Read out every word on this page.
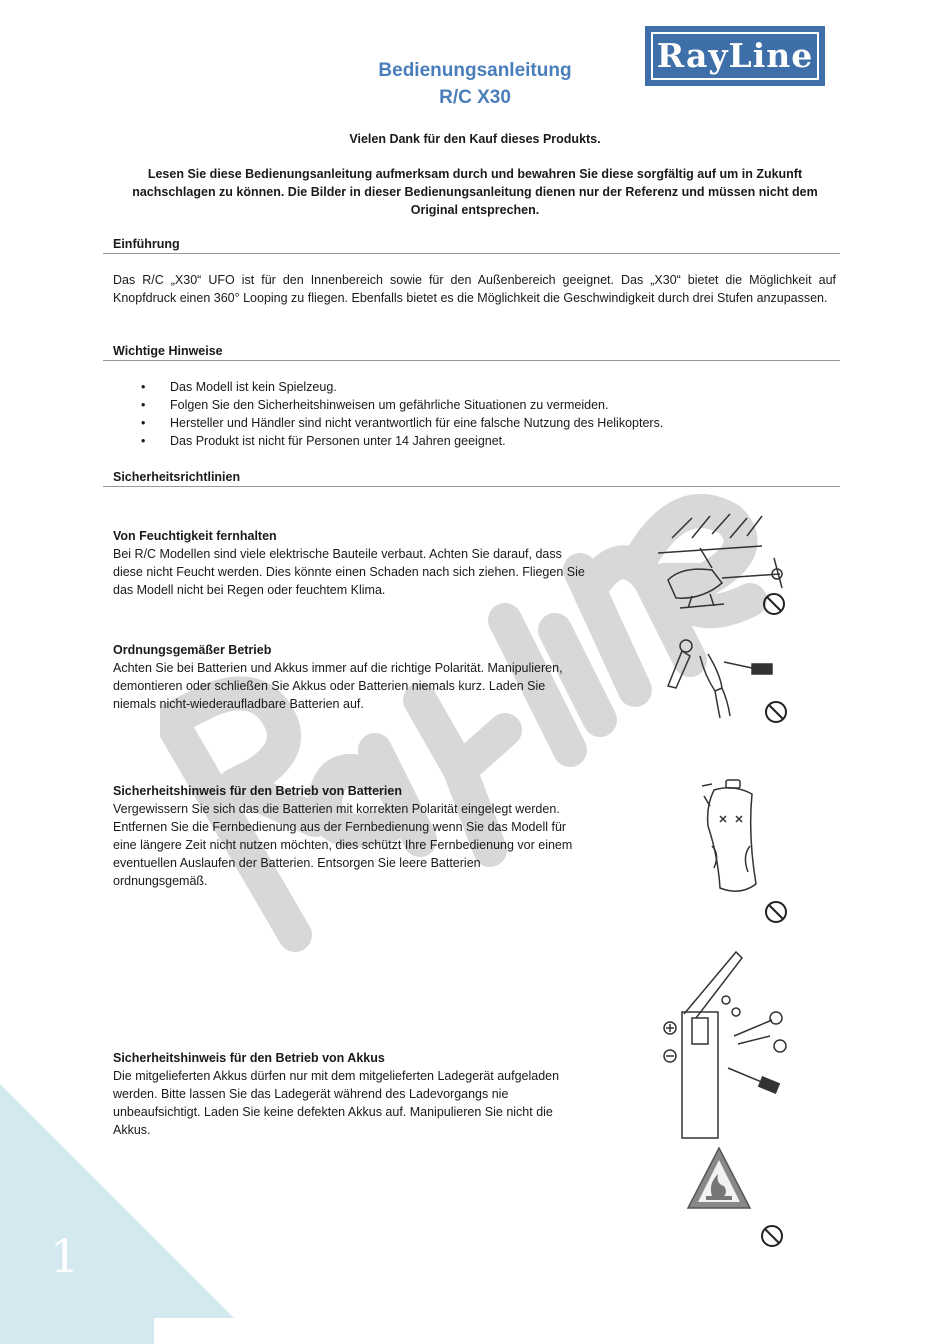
1
Bedienungsanleitung
R/C X30
RayLine
Vielen Dank für den Kauf dieses Produkts.
Lesen Sie diese Bedienungsanleitung aufmerksam durch und bewahren Sie diese sorgfältig auf um in Zukunft
nachschlagen zu können. Die Bilder in dieser Bedienungsanleitung dienen nur der Referenz und müssen nicht dem
Original entsprechen.
Einführung
Das R/C „X30“ UFO ist für den Innenbereich sowie für den Außenbereich geeignet. Das „X30“ bietet die Möglichkeit auf Knopfdruck einen 360° Looping zu fliegen. Ebenfalls bietet es die Möglichkeit die Geschwindigkeit durch drei Stufen anzupassen.
Wichtige Hinweise
• Das Modell ist kein Spielzeug.
• Folgen Sie den Sicherheitshinweisen um gefährliche Situationen zu vermeiden.
• Hersteller und Händler sind nicht verantwortlich für eine falsche Nutzung des Helikopters.
• Das Produkt ist nicht für Personen unter 14 Jahren geeignet.
Sicherheitsrichtlinien
Von Feuchtigkeit fernhalten
Bei R/C Modellen sind viele elektrische Bauteile verbaut. Achten Sie darauf, dass
diese nicht Feucht werden. Dies könnte einen Schaden nach sich ziehen. Fliegen Sie
das Modell nicht bei Regen oder feuchtem Klima.
Ordnungsgemäßer Betrieb
Achten Sie bei Batterien und Akkus immer auf die richtige Polarität. Manipulieren,
demontieren oder schließen Sie Akkus oder Batterien niemals kurz. Laden Sie
niemals nicht-wiederaufladbare Batterien auf.
Sicherheitshinweis für den Betrieb von Batterien
Vergewissern Sie sich das die Batterien mit korrekten Polarität eingelegt werden.
Entfernen Sie die Fernbedienung aus der Fernbedienung wenn Sie das Modell für
eine längere Zeit nicht nutzen möchten, dies schützt Ihre Fernbedienung vor einem
eventuellen Auslaufen der Batterien. Entsorgen Sie leere Batterien
ordnungsgemäß.
Sicherheitshinweis für den Betrieb von Akkus
Die mitgelieferten Akkus dürfen nur mit dem mitgelieferten Ladegerät aufgeladen
werden. Bitte lassen Sie das Ladegerät während des Ladevorgangs nie
unbeaufsichtigt. Laden Sie keine defekten Akkus auf. Manipulieren Sie nicht die
Akkus.
